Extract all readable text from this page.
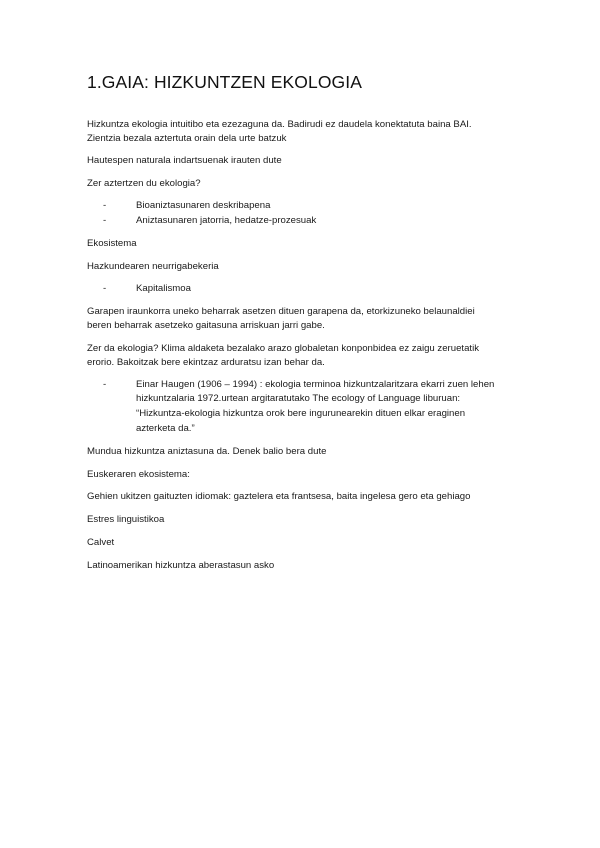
1.GAIA: HIZKUNTZEN EKOLOGIA
Hizkuntza ekologia intuitibo eta ezezaguna da. Badirudi ez daudela konektatuta baina BAI.
Zientzia bezala aztertuta orain dela urte batzuk
Hautespen naturala indartsuenak irauten dute
Zer aztertzen du ekologia?
-	Bioaniztasunaren deskribapena
-	Aniztasunaren jatorria, hedatze-prozesuak
Ekosistema
Hazkundearen neurrigabekeria
-	Kapitalismoa
Garapen iraunkorra uneko beharrak asetzen dituen garapena da, etorkizuneko belaunaldiei
beren beharrak asetzeko gaitasuna arriskuan jarri gabe.
Zer da ekologia? Klima aldaketa bezalako arazo globaletan konponbidea ez zaigu zeruetatik
erorio. Bakoitzak bere ekintzaz arduratsu izan behar da.
-	Einar Haugen (1906 – 1994) : ekologia terminoa hizkuntzalaritzara ekarri zuen lehen
hizkuntzalaria 1972.urtean argitaratutako The ecology of Language liburuan:
“Hizkuntza-ekologia hizkuntza orok bere ingurunearekin dituen elkar eraginen
azterketa da.”
Mundua hizkuntza aniztasuna da. Denek balio bera dute
Euskeraren ekosistema:
Gehien ukitzen gaituzten idiomak: gaztelera eta frantsesa, baita ingelesa gero eta gehiago
Estres linguistikoa
Calvet
Latinoamerikan hizkuntza aberastasun asko
